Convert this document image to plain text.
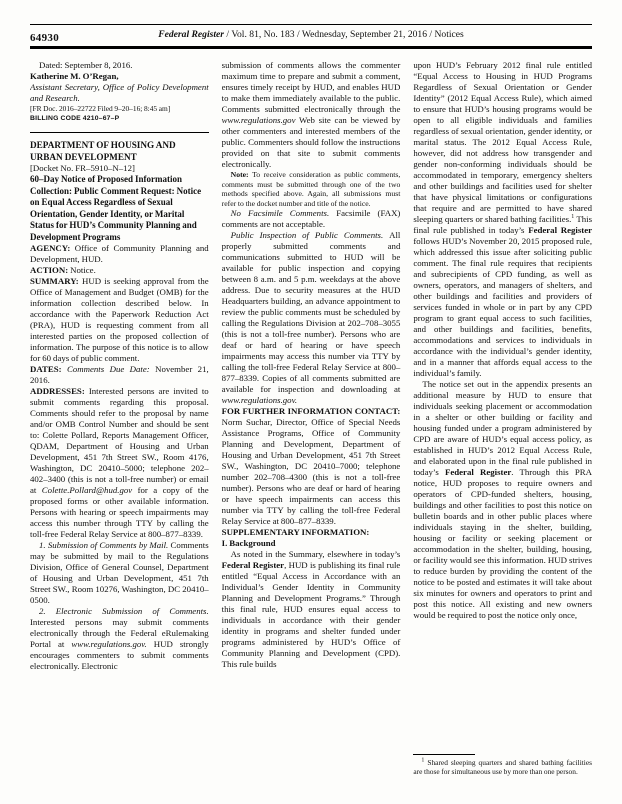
64930	Federal Register / Vol. 81, No. 183 / Wednesday, September 21, 2016 / Notices

Dated: September 8, 2016.

Katherine M. O’Regan,

Assistant Secretary, Office of Policy Development and Research.

[FR Doc. 2016–22722 Filed 9–20–16; 8:45 am]

BILLING CODE 4210–67–P

DEPARTMENT OF HOUSING AND URBAN DEVELOPMENT

[Docket No. FR–5910–N–12]

60–Day Notice of Proposed Information Collection: Public Comment Request: Notice on Equal Access Regardless of Sexual Orientation, Gender Identity, or Marital Status for HUD’s Community Planning and Development Programs

AGENCY: Office of Community Planning and Development, HUD.

ACTION: Notice.

SUMMARY: HUD is seeking approval from the Office of Management and Budget (OMB) for the information collection described below. In accordance with the Paperwork Reduction Act (PRA), HUD is requesting comment from all interested parties on the proposed collection of information. The purpose of this notice is to allow for 60 days of public comment.

DATES: Comments Due Date: November 21, 2016.

ADDRESSES: Interested persons are invited to submit comments regarding this proposal. Comments should refer to the proposal by name and/or OMB Control Number and should be sent to: Colette Pollard, Reports Management Officer, QDAM, Department of Housing and Urban Development, 451 7th Street SW., Room 4176, Washington, DC 20410–5000; telephone 202–402–3400 (this is not a toll-free number) or email at Colette.Pollard@hud.gov for a copy of the proposed forms or other available information. Persons with hearing or speech impairments may access this number through TTY by calling the toll-free Federal Relay Service at 800–877–8339.

1. Submission of Comments by Mail. Comments may be submitted by mail to the Regulations Division, Office of General Counsel, Department of Housing and Urban Development, 451 7th Street SW., Room 10276, Washington, DC 20410–0500.

2. Electronic Submission of Comments. Interested persons may submit comments electronically through the Federal eRulemaking Portal at www.regulations.gov. HUD strongly encourages commenters to submit comments electronically. Electronic

submission of comments allows the commenter maximum time to prepare and submit a comment, ensures timely receipt by HUD, and enables HUD to make them immediately available to the public. Comments submitted electronically through the www.regulations.gov Web site can be viewed by other commenters and interested members of the public. Commenters should follow the instructions provided on that site to submit comments electronically.

Note: To receive consideration as public comments, comments must be submitted through one of the two methods specified above. Again, all submissions must refer to the docket number and title of the notice.

No Facsimile Comments. Facsimile (FAX) comments are not acceptable.

Public Inspection of Public Comments. All properly submitted comments and communications submitted to HUD will be available for public inspection and copying between 8 a.m. and 5 p.m. weekdays at the above address. Due to security measures at the HUD Headquarters building, an advance appointment to review the public comments must be scheduled by calling the Regulations Division at 202–708–3055 (this is not a toll-free number). Persons who are deaf or hard of hearing or have speech impairments may access this number via TTY by calling the toll-free Federal Relay Service at 800–877–8339. Copies of all comments submitted are available for inspection and downloading at www.regulations.gov.

FOR FURTHER INFORMATION CONTACT: Norm Suchar, Director, Office of Special Needs Assistance Programs, Office of Community Planning and Development, Department of Housing and Urban Development, 451 7th Street SW., Washington, DC 20410–7000; telephone number 202–708–4300 (this is not a toll-free number). Persons who are deaf or hard of hearing or have speech impairments can access this number via TTY by calling the toll-free Federal Relay Service at 800–877–8339.

SUPPLEMENTARY INFORMATION:

I. Background

As noted in the Summary, elsewhere in today’s Federal Register, HUD is publishing its final rule entitled “Equal Access in Accordance with an Individual’s Gender Identity in Community Planning and Development Programs.” Through this final rule, HUD ensures equal access to individuals in accordance with their gender identity in programs and shelter funded under programs administered by HUD’s Office of Community Planning and Development (CPD). This rule builds

upon HUD’s February 2012 final rule entitled “Equal Access to Housing in HUD Programs Regardless of Sexual Orientation or Gender Identity” (2012 Equal Access Rule), which aimed to ensure that HUD’s housing programs would be open to all eligible individuals and families regardless of sexual orientation, gender identity, or marital status. The 2012 Equal Access Rule, however, did not address how transgender and gender non-conforming individuals should be accommodated in temporary, emergency shelters and other buildings and facilities used for shelter that have physical limitations or configurations that require and are permitted to have shared sleeping quarters or shared bathing facilities.$^1$ This final rule published in today’s Federal Register follows HUD’s November 20, 2015 proposed rule, which addressed this issue after soliciting public comment. The final rule requires that recipients and subrecipients of CPD funding, as well as owners, operators, and managers of shelters, and other buildings and facilities and providers of services funded in whole or in part by any CPD program to grant equal access to such facilities, and other buildings and facilities, benefits, accommodations and services to individuals in accordance with the individual’s gender identity, and in a manner that affords equal access to the individual’s family.

The notice set out in the appendix presents an additional measure by HUD to ensure that individuals seeking placement or accommodation in a shelter or other building or facility and housing funded under a program administered by CPD are aware of HUD’s equal access policy, as established in HUD’s 2012 Equal Access Rule, and elaborated upon in the final rule published in today’s Federal Register. Through this PRA notice, HUD proposes to require owners and operators of CPD-funded shelters, housing, buildings and other facilities to post this notice on bulletin boards and in other public places where individuals staying in the shelter, building, housing or facility or seeking placement or accommodation in the shelter, building, housing, or facility would see this information. HUD strives to reduce burden by providing the content of the notice to be posted and estimates it will take about six minutes for owners and operators to print and post this notice. All existing and new owners would be required to post the notice only once,

$^1$ Shared sleeping quarters and shared bathing facilities are those for simultaneous use by more than one person.
